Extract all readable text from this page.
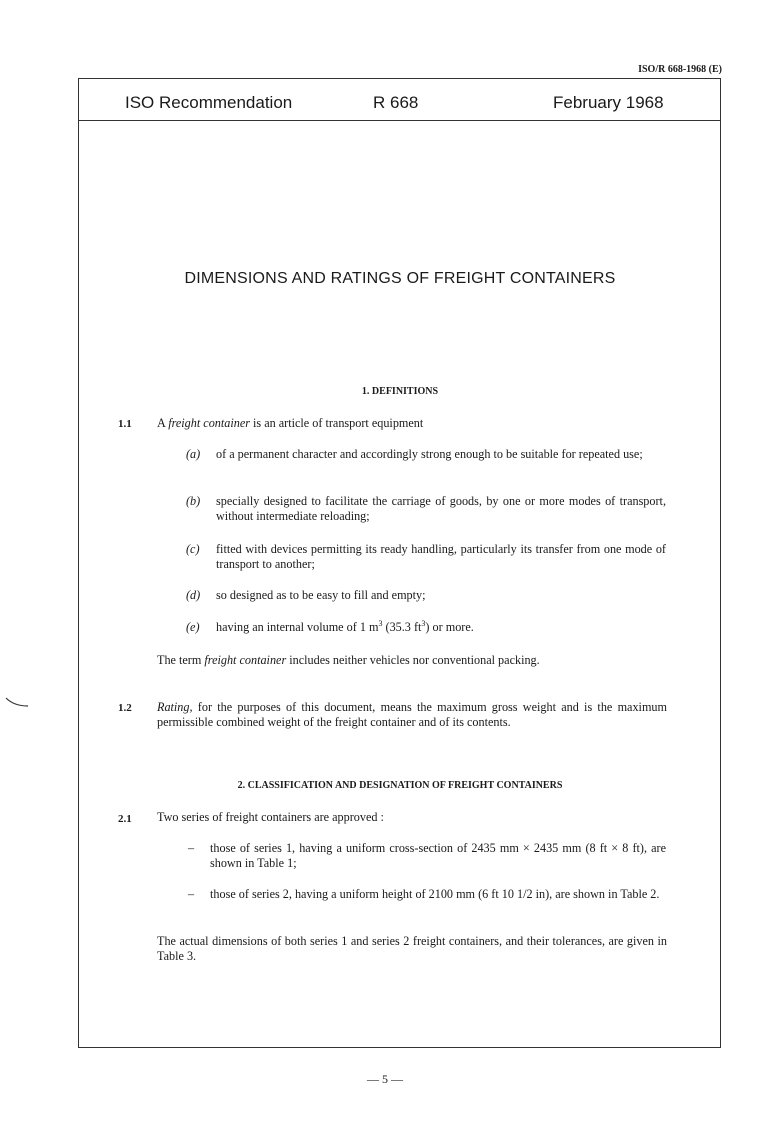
ISO/R 668-1968 (E)
ISO Recommendation	R 668	February 1968
DIMENSIONS AND RATINGS OF FREIGHT CONTAINERS
1. DEFINITIONS
1.1 A freight container is an article of transport equipment
(a) of a permanent character and accordingly strong enough to be suitable for repeated use;
(b) specially designed to facilitate the carriage of goods, by one or more modes of transport, without intermediate reloading;
(c) fitted with devices permitting its ready handling, particularly its transfer from one mode of transport to another;
(d) so designed as to be easy to fill and empty;
(e) having an internal volume of 1 $m^3$ (35.3 $ft^3$) or more.
The term freight container includes neither vehicles nor conventional packing.
1.2 Rating, for the purposes of this document, means the maximum gross weight and is the maximum permissible combined weight of the freight container and of its contents.
2. CLASSIFICATION AND DESIGNATION OF FREIGHT CONTAINERS
2.1 Two series of freight containers are approved :
– those of series 1, having a uniform cross-section of 2435 mm × 2435 mm (8 ft × 8 ft), are shown in Table 1;
– those of series 2, having a uniform height of 2100 mm (6 ft 10 1/2 in), are shown in Table 2.
The actual dimensions of both series 1 and series 2 freight containers, and their tolerances, are given in Table 3.
— 5 —
